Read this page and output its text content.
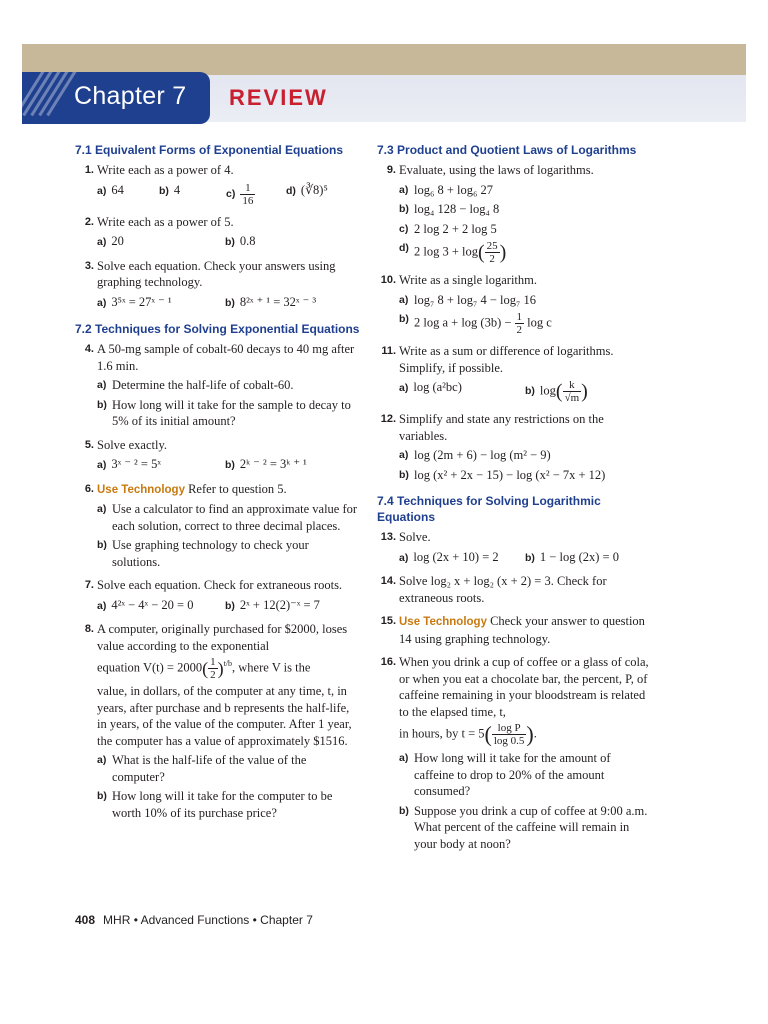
Chapter 7 REVIEW
7.1 Equivalent Forms of Exponential Equations
1. Write each as a power of 4.
a) 64	b) 4	$c) \frac{1}{16}$	d) (∛8)⁵
2. Write each as a power of 5.
a) 20	b) 0.8
3. Solve each equation. Check your answers using graphing technology.
a) 3⁵ˣ = 27ˣ ⁻ ¹	b) 8²ˣ ⁺ ¹ = 32ˣ ⁻ ³
7.2 Techniques for Solving Exponential Equations
4. A 50-mg sample of cobalt-60 decays to 40 mg after 1.6 min.
a) Determine the half-life of cobalt-60.
b) How long will it take for the sample to decay to 5% of its initial amount?
5. Solve exactly.
a) 3ˣ ⁻ ² = 5ˣ	b) 2ᵏ ⁻ ² = 3ᵏ ⁺ ¹
6. Use Technology Refer to question 5.
a) Use a calculator to find an approximate value for each solution, correct to three decimal places.
b) Use graphing technology to check your solutions.
7. Solve each equation. Check for extraneous roots.
a) 4²ˣ − 4ˣ − 20 = 0	b) 2ˣ + 12(2)⁻ˣ = 7
8. A computer, originally purchased for $2000, loses value according to the exponential
equation $V(t) = 2000( \frac{1}{2} )^{t/b}$, where V is the
value, in dollars, of the computer at any time, t, in years, after purchase and b represents the half-life, in years, of the value of the computer. After 1 year, the computer has a value of approximately $1516.
a) What is the half-life of the value of the computer?
b) How long will it take for the computer to be worth 10% of its purchase price?
7.3 Product and Quotient Laws of Logarithms
9. Evaluate, using the laws of logarithms.
a) log₆ 8 + log₆ 27
b) log₄ 128 − log₄ 8
c) 2 log 2 + 2 log 5
d) 2 $\log 3 + \log( \frac{25}{2}$ )
10. Write as a single logarithm.
a) log₇ 8 + log₇ 4 − log₇ 16
b) 2 $\log a + \log (3b) - \frac{1}{2}$ log c
11. Write as a sum or difference of logarithms. Simplify, if possible.
a) log (a²bc)	b) $\log( \frac{k}{√m}$ )
12. Simplify and state any restrictions on the variables.
a) log (2m + 6) − log (m² − 9)
b) log (x² + 2x − 15) − log (x² − 7x + 12)
7.4 Techniques for Solving Logarithmic Equations
13. Solve.
a) log (2x + 10) = 2	b) 1 − log (2x) = 0
14. Solve log₂ x + log₂ (x + 2) = 3. Check for extraneous roots.
15. Use Technology Check your answer to question 14 using graphing technology.
16. When you drink a cup of coffee or a glass of cola, or when you eat a chocolate bar, the percent, P, of caffeine remaining in your bloodstream is related to the elapsed time, t,
in hours, by $t = 5( \frac{\text{log P}}{\log 0.5}$ ).
a) How long will it take for the amount of caffeine to drop to 20% of the amount consumed?
b) Suppose you drink a cup of coffee at 9:00 a.m. What percent of the caffeine will remain in your body at noon?
408 MHR • Advanced Functions • Chapter 7
